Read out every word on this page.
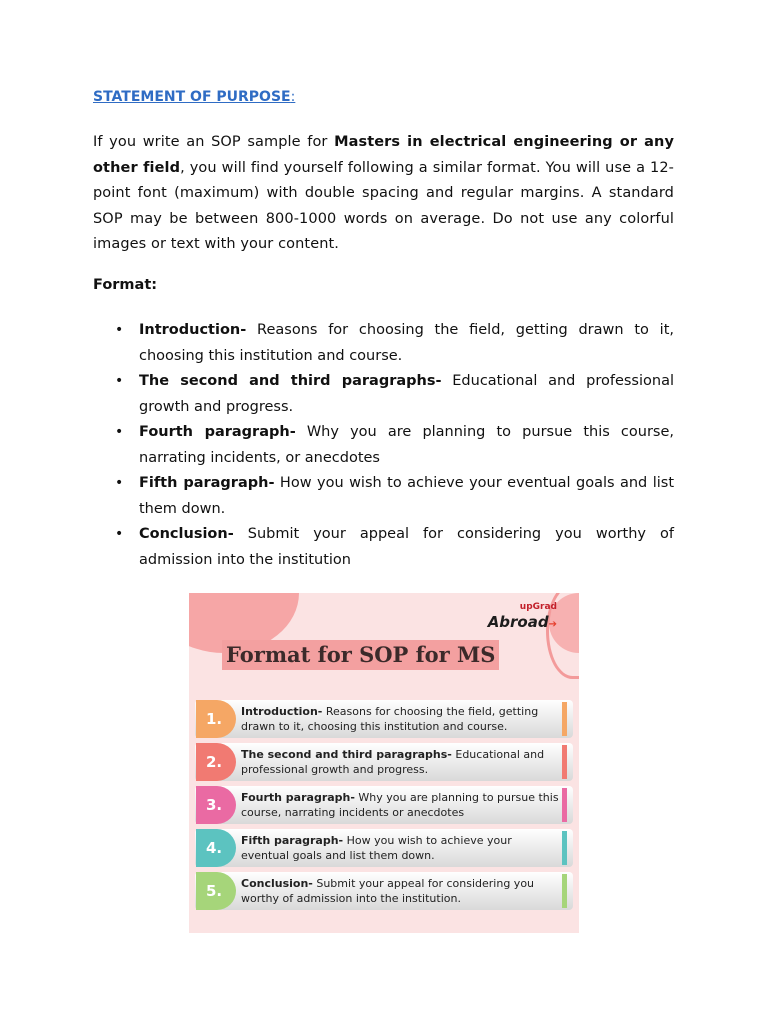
STATEMENT OF PURPOSE:
If you write an SOP sample for Masters in electrical engineering or any other field, you will find yourself following a similar format. You will use a 12-point font (maximum) with double spacing and regular margins. A standard SOP may be between 800-1000 words on average. Do not use any colorful images or text with your content.
Format:
• Introduction- Reasons for choosing the field, getting drawn to it, choosing this institution and course.
• The second and third paragraphs- Educational and professional growth and progress.
• Fourth paragraph- Why you are planning to pursue this course, narrating incidents, or anecdotes
• Fifth paragraph- How you wish to achieve your eventual goals and list them down.
• Conclusion- Submit your appeal for considering you worthy of admission into the institution
upGrad
Abroad➔
Format for SOP for MS
1.	Introduction- Reasons for choosing the field, getting drawn to it, choosing this institution and course.
2.	The second and third paragraphs- Educational and professional growth and progress.
3.	Fourth paragraph- Why you are planning to pursue this course, narrating incidents or anecdotes
4.	Fifth paragraph- How you wish to achieve your eventual goals and list them down.
5.	Conclusion- Submit your appeal for considering you worthy of admission into the institution.
